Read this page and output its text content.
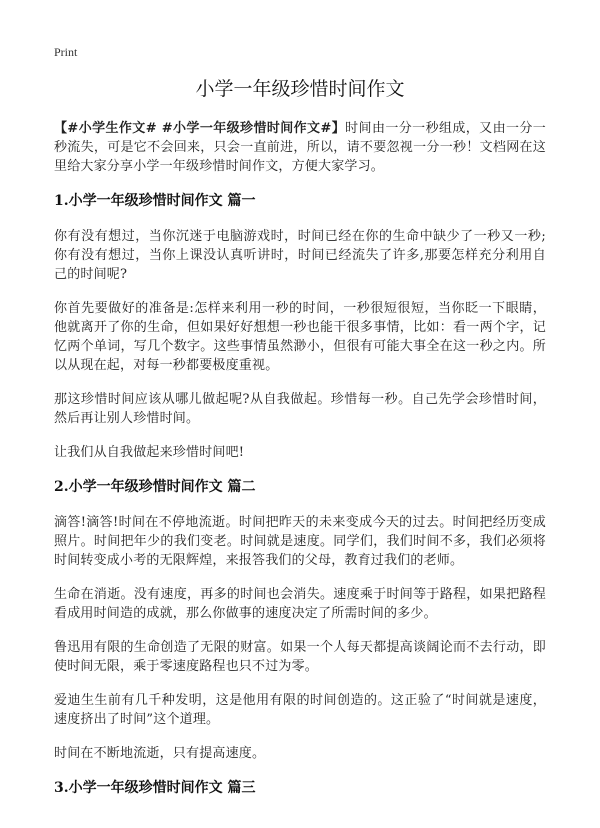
Print
小学一年级珍惜时间作文

【#小学生作文# #小学一年级珍惜时间作文#】时间由一分一秒组成，又由一分一秒流失，可是它不会回来，只会一直前进，所以，请不要忽视一分一秒！文档网在这里给大家分享小学一年级珍惜时间作文，方便大家学习。

1.小学一年级珍惜时间作文 篇一

你有没有想过，当你沉迷于电脑游戏时，时间已经在你的生命中缺少了一秒又一秒;你有没有想过，当你上课没认真听讲时，时间已经流失了许多,那要怎样充分利用自己的时间呢?

你首先要做好的准备是:怎样来利用一秒的时间，一秒很短很短，当你眨一下眼睛，他就离开了你的生命，但如果好好想想一秒也能干很多事情，比如：看一两个字，记忆两个单词，写几个数字。这些事情虽然渺小，但很有可能大事全在这一秒之内。所以从现在起，对每一秒都要极度重视。

那这珍惜时间应该从哪儿做起呢?从自我做起。珍惜每一秒。自己先学会珍惜时间，然后再让别人珍惜时间。

让我们从自我做起来珍惜时间吧!

2.小学一年级珍惜时间作文 篇二

滴答!滴答!时间在不停地流逝。时间把昨天的未来变成今天的过去。时间把经历变成照片。时间把年少的我们变老。时间就是速度。同学们，我们时间不多，我们必须将时间转变成小考的无限辉煌，来报答我们的父母，教育过我们的老师。

生命在消逝。没有速度，再多的时间也会消失。速度乘于时间等于路程，如果把路程看成用时间造的成就，那么你做事的速度决定了所需时间的多少。

鲁迅用有限的生命创造了无限的财富。如果一个人每天都提高谈阔论而不去行动，即使时间无限，乘于零速度路程也只不过为零。

爱迪生生前有几千种发明，这是他用有限的时间创造的。这正验了“时间就是速度，速度挤出了时间”这个道理。

时间在不断地流逝，只有提高速度。

3.小学一年级珍惜时间作文 篇三
